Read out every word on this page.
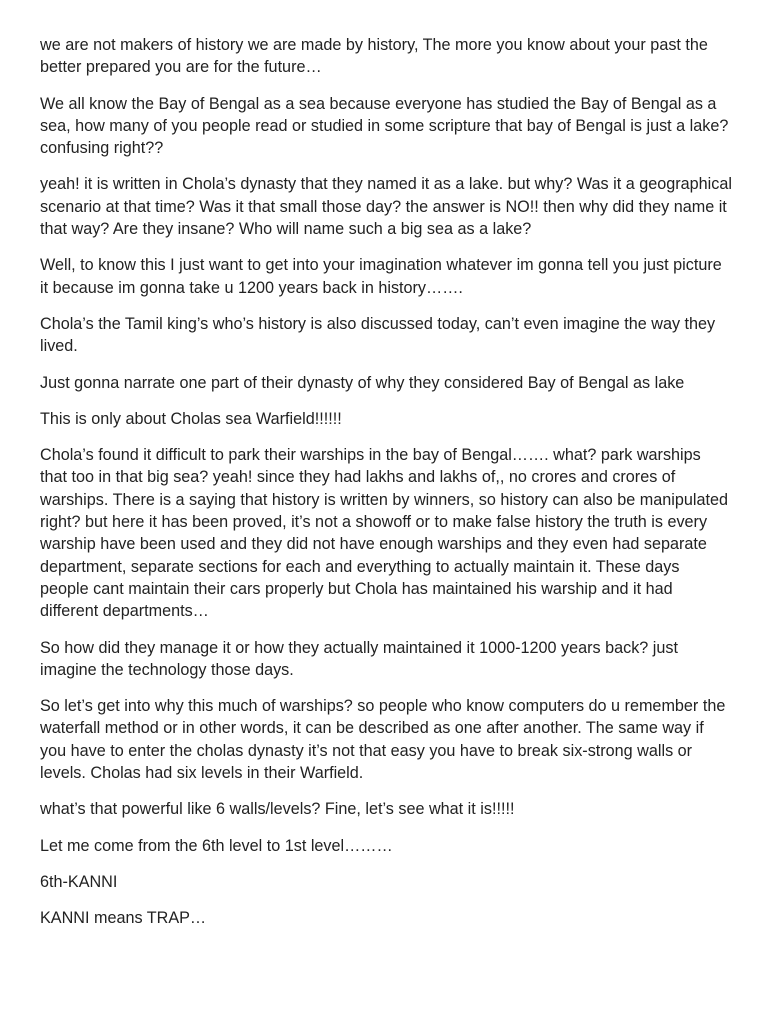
we are not makers of history we are made by history, The more you know about your past the better prepared you are for the future…

We all know the Bay of Bengal as a sea because everyone has studied the Bay of Bengal as a sea, how many of you people read or studied in some scripture that bay of Bengal is just a lake? confusing right??

yeah! it is written in Chola’s dynasty that they named it as a lake. but why? Was it a geographical scenario at that time? Was it that small those day? the answer is NO!! then why did they name it that way? Are they insane? Who will name such a big sea as a lake?

Well, to know this I just want to get into your imagination whatever im gonna tell you just picture it because im gonna take u 1200 years back in history…….

Chola’s the Tamil king’s who’s history is also discussed today, can’t even imagine the way they lived.

Just gonna narrate one part of their dynasty of why they considered Bay of Bengal as lake

This is only about Cholas sea Warfield!!!!!!

Chola’s found it difficult to park their warships in the bay of Bengal……. what? park warships that too in that big sea? yeah! since they had lakhs and lakhs of,, no crores and crores of warships. There is a saying that history is written by winners, so history can also be manipulated right? but here it has been proved, it’s not a showoff or to make false history the truth is every warship have been used and they did not have enough warships and they even had separate department, separate sections for each and everything to actually maintain it. These days people cant maintain their cars properly but Chola has maintained his warship and it had different departments…

So how did they manage it or how they actually maintained it 1000-1200 years back? just imagine the technology those days.

So let’s get into why this much of warships? so people who know computers do u remember the waterfall method or in other words, it can be described as one after another. The same way if you have to enter the cholas dynasty it’s not that easy you have to break six-strong walls or levels. Cholas had six levels in their Warfield.

what’s that powerful like 6 walls/levels? Fine, let’s see what it is!!!!!

Let me come from the 6th level to 1st level………

6th-KANNI

KANNI means TRAP…
